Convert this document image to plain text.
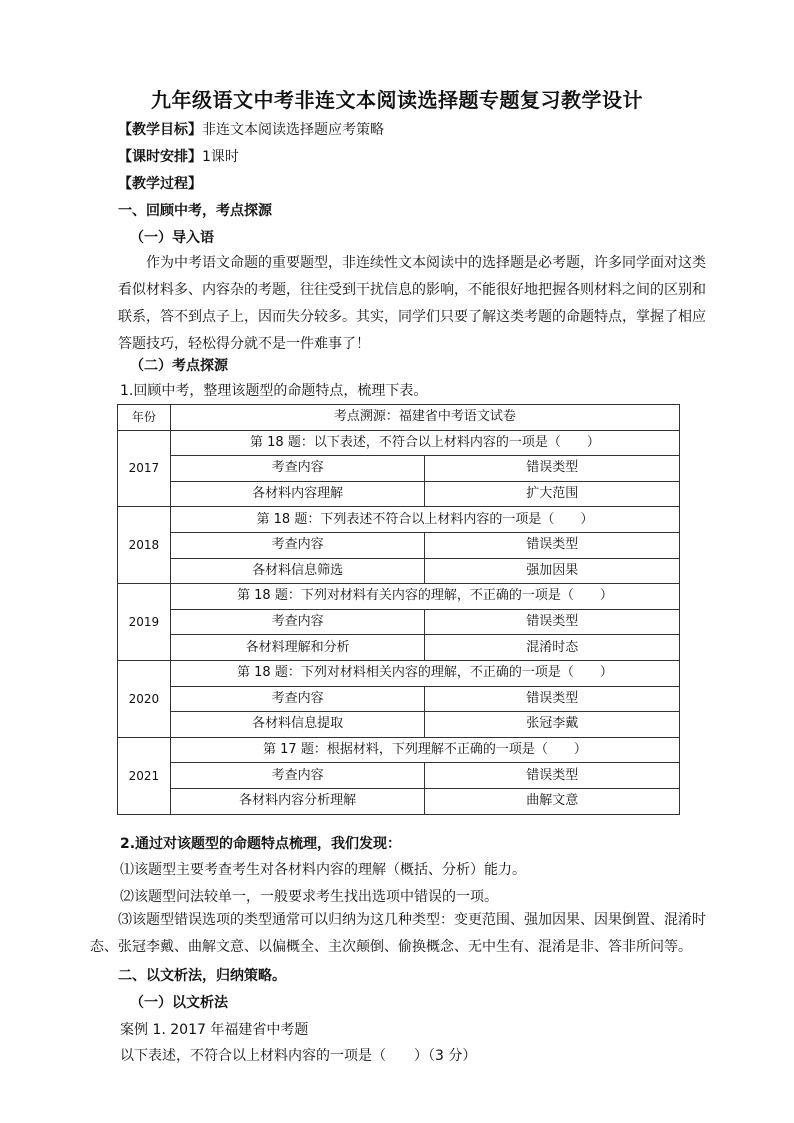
九年级语文中考非连文本阅读选择题专题复习教学设计
【教学目标】非连文本阅读选择题应考策略
【课时安排】1课时
【教学过程】
一、回顾中考，考点探源
（一）导入语
作为中考语文命题的重要题型，非连续性文本阅读中的选择题是必考题，许多同学面对这类看似材料多、内容杂的考题，往往受到干扰信息的影响，不能很好地把握各则材料之间的区别和联系，答不到点子上，因而失分较多。其实，同学们只要了解这类考题的命题特点，掌握了相应答题技巧，轻松得分就不是一件难事了！
（二）考点探源
1.回顾中考，整理该题型的命题特点，梳理下表。
年份	考点溯源：福建省中考语文试卷	
2017	第 18 题：以下表述，不符合以上材料内容的一项是（　　）	
	考查内容	错误类型
	各材料内容理解	扩大范围
2018	第 18 题：下列表述不符合以上材料内容的一项是（　　）	
	考查内容	错误类型
	各材料信息筛选	强加因果
2019	第 18 题：下列对材料有关内容的理解，不正确的一项是（　　）	
	考查内容	错误类型
	各材料理解和分析	混淆时态
2020	第 18 题：下列对材料相关内容的理解，不正确的一项是（　　）	
	考查内容	错误类型
	各材料信息提取	张冠李戴
2021	第 17 题：根据材料，下列理解不正确的一项是（　　）	
	考查内容	错误类型
	各材料内容分析理解	曲解文意
2.通过对该题型的命题特点梳理，我们发现：
⑴该题型主要考查考生对各材料内容的理解（概括、分析）能力。
⑵该题型问法较单一，一般要求考生找出选项中错误的一项。
⑶该题型错误选项的类型通常可以归纳为这几种类型：变更范围、强加因果、因果倒置、混淆时态、张冠李戴、曲解文意、以偏概全、主次颠倒、偷换概念、无中生有、混淆是非、答非所问等。
二、以文析法，归纳策略。
（一）以文析法
案例 1. 2017 年福建省中考题
以下表述，不符合以上材料内容的一项是（　　）（3 分）
